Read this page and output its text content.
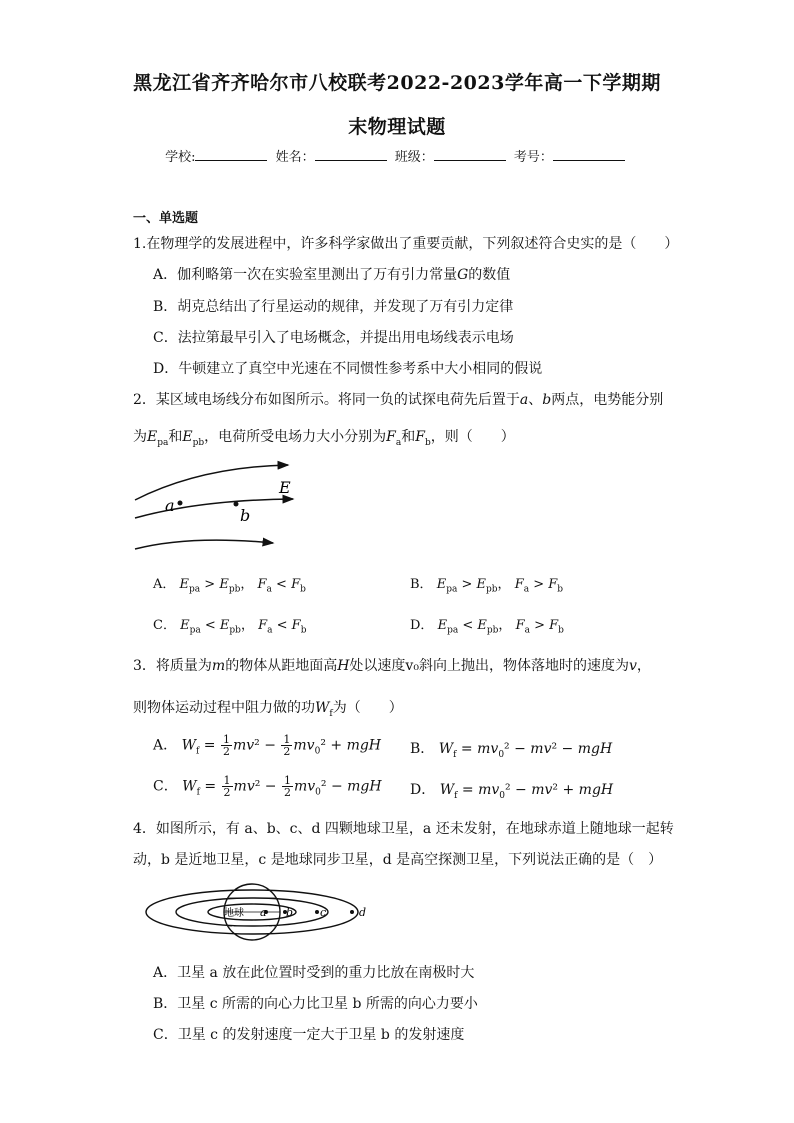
黑龙江省齐齐哈尔市八校联考2022-2023学年高一下学期期
末物理试题
学校:	姓名：	班级：	考号：
一、单选题
1.在物理学的发展进程中，许多科学家做出了重要贡献，下列叙述符合史实的是（　　）
A．伽利略第一次在实验室里测出了万有引力常量G的数值
B．胡克总结出了行星运动的规律，并发现了万有引力定律
C．法拉第最早引入了电场概念，并提出用电场线表示电场
D．牛顿建立了真空中光速在不同惯性参考系中大小相同的假说
2．某区域电场线分布如图所示。将同一负的试探电荷先后置于a、b两点，电势能分别
为$E_{pa}$和$E_{pb}$，电荷所受电场力大小分别为$F_a$和$F_b$，则（　　）
a
b
E
A． $E_{pa} > E_{pb}$， $F_a < F_b$	B． $E_{pa} > E_{pb}$， $F_a > F_b$
C． $E_{pa} < E_{pb}$， $F_a < F_b$	D． $E_{pa} < E_{pb}$， $F_a > F_b$
3．将质量为m的物体从距地面高H处以速度v₀斜向上抛出，物体落地时的速度为v，
则物体运动过程中阻力做的功$W_f$为（　　）
A． $W_f = \frac{1}{2} mv^2 - \frac{1}{2} mv_0^2$ + mgH B． $W_f = mv_0^2 - mv^2$ − mgH
C． $W_f = \frac{1}{2} mv^2 - \frac{1}{2} mv_0^2$ − mgH D． $W_f = mv_0^2 - mv^2$ + mgH
4．如图所示，有 a、b、c、d 四颗地球卫星，a 还未发射，在地球赤道上随地球一起转
动，b 是近地卫星，c 是地球同步卫星，d 是高空探测卫星，下列说法正确的是（　）
地球 a b c	d
A．卫星 a 放在此位置时受到的重力比放在南极时大
B．卫星 c 所需的向心力比卫星 b 所需的向心力要小
C．卫星 c 的发射速度一定大于卫星 b 的发射速度
